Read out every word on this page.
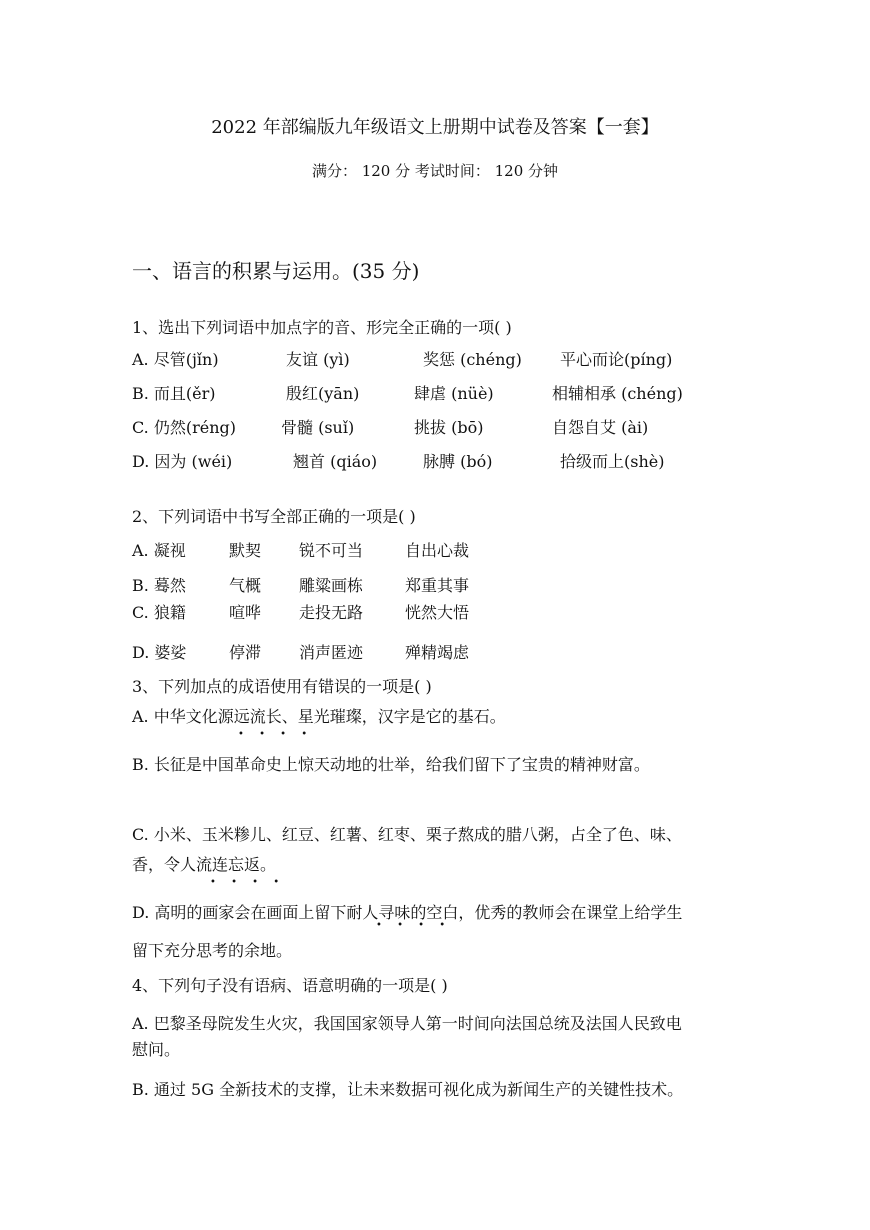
2022 年部编版九年级语文上册期中试卷及答案【一套】
满分： 120 分 考试时间： 120 分钟
一、语言的积累与运用。(35 分)
1、选出下列词语中加点字的音、形完全正确的一项( )
A. 尽管(jǐn)	友谊 (yì)	奖惩 (chéng) 平心而论(píng)
B. 而且(ěr)	殷红(yān)	肆虐 (nüè)	相辅相承 (chéng)
C. 仍然(réng)	骨髓 (suǐ)	挑拔 (bō)	自怨自艾 (ài)
D. 因为 (wéi)	翘首 (qiáo)	脉膊 (bó)	拾级而上(shè)
2、下列词语中书写全部正确的一项是( )
A. 凝视	默契 锐不可当	自出心裁
B. 蓦然	气概 雕粱画栋	郑重其事
C. 狼籍	喧哗 走投无路	恍然大悟
D. 婆娑	停滞 消声匿迹	殚精竭虑
3、下列加点的成语使用有错误的一项是( )
A. 中华文化源远流长、星光璀璨，汉字是它的基石。
• • • •
B. 长征是中国革命史上惊天动地的壮举，给我们留下了宝贵的精神财富。
C. 小米、玉米糁儿、红豆、红薯、红枣、栗子熬成的腊八粥，占全了色、味、
香，令人流连忘返。
• • • •
D. 高明的画家会在画面上留下耐人寻味的空白，优秀的教师会在课堂上给学生
• • • •
留下充分思考的余地。
4、下列句子没有语病、语意明确的一项是( )
A. 巴黎圣母院发生火灾，我国国家领导人第一时间向法国总统及法国人民致电
慰问。
B. 通过 5G 全新技术的支撑，让未来数据可视化成为新闻生产的关键性技术。
